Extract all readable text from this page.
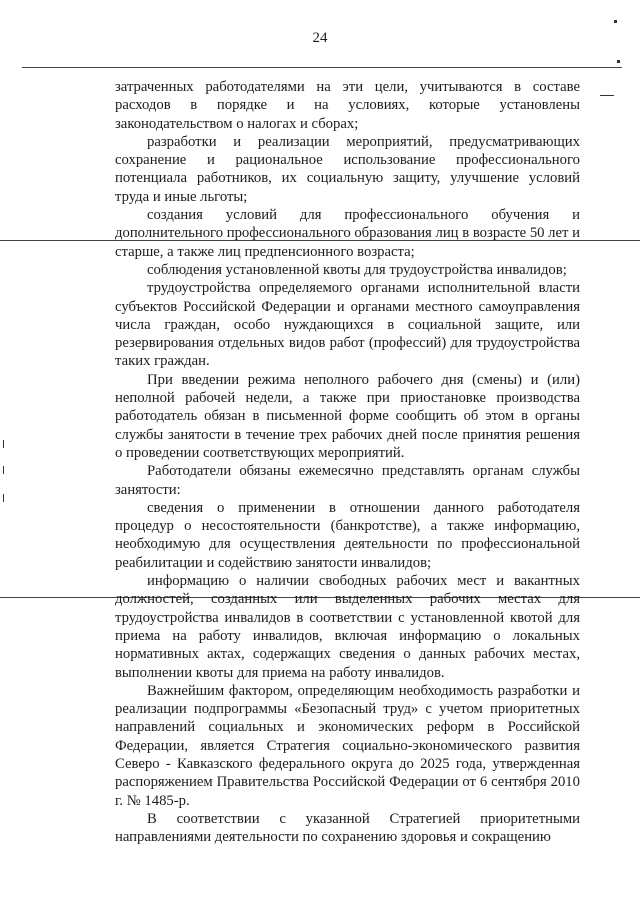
24

затраченных работодателями на эти цели, учитываются в составе расходов в порядке и на условиях, которые установлены законодательством о налогах и сборах;

разработки и реализации мероприятий, предусматривающих сохранение и рациональное использование профессионального потенциала работников, их социальную защиту, улучшение условий труда и иные льготы;

создания условий для профессионального обучения и дополнительного профессионального образования лиц в возрасте 50 лет и старше, а также лиц предпенсионного возраста;

соблюдения установленной квоты для трудоустройства инвалидов;

трудоустройства определяемого органами исполнительной власти субъектов Российской Федерации и органами местного самоуправления числа граждан, особо нуждающихся в социальной защите, или резервирования отдельных видов работ (профессий) для трудоустройства таких граждан.

При введении режима неполного рабочего дня (смены) и (или) неполной рабочей недели, а также при приостановке производства работодатель обязан в письменной форме сообщить об этом в органы службы занятости в течение трех рабочих дней после принятия решения о проведении соответствующих мероприятий.

Работодатели обязаны ежемесячно представлять органам службы занятости:

сведения о применении в отношении данного работодателя процедур о несостоятельности (банкротстве), а также информацию, необходимую для осуществления деятельности по профессиональной реабилитации и содействию занятости инвалидов;

информацию о наличии свободных рабочих мест и вакантных должностей, созданных или выделенных рабочих местах для трудоустройства инвалидов в соответствии с установленной квотой для приема на работу инвалидов, включая информацию о локальных нормативных актах, содержащих сведения о данных рабочих местах, выполнении квоты для приема на работу инвалидов.

Важнейшим фактором, определяющим необходимость разработки и реализации подпрограммы «Безопасный труд» с учетом приоритетных направлений социальных и экономических реформ в Российской Федерации, является Стратегия социально-экономического развития Северо - Кавказского федерального округа до 2025 года, утвержденная распоряжением Правительства Российской Федерации от 6 сентября 2010 г. № 1485-р.

В соответствии с указанной Стратегией приоритетными направлениями деятельности по сохранению здоровья и сокращению
